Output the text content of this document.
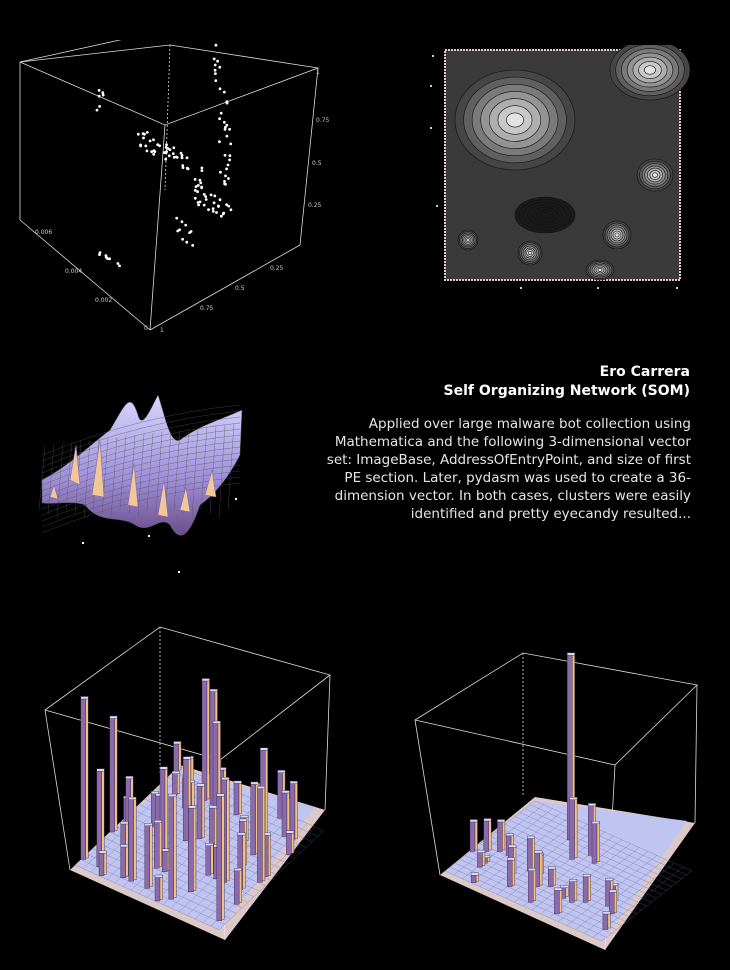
1
0.75
0.5
0.25
0.006
0.004
0.002
0
0.25
0.5
0.75
1
Ero Carrera
Self Organizing Network (SOM)
Applied over large malware bot collection using Mathematica and the following 3-dimensional vector set: ImageBase, AddressOfEntryPoint, and size of first PE section. Later, pydasm was used to create a 36-dimension vector. In both cases, clusters were easily identified and pretty eyecandy resulted...
